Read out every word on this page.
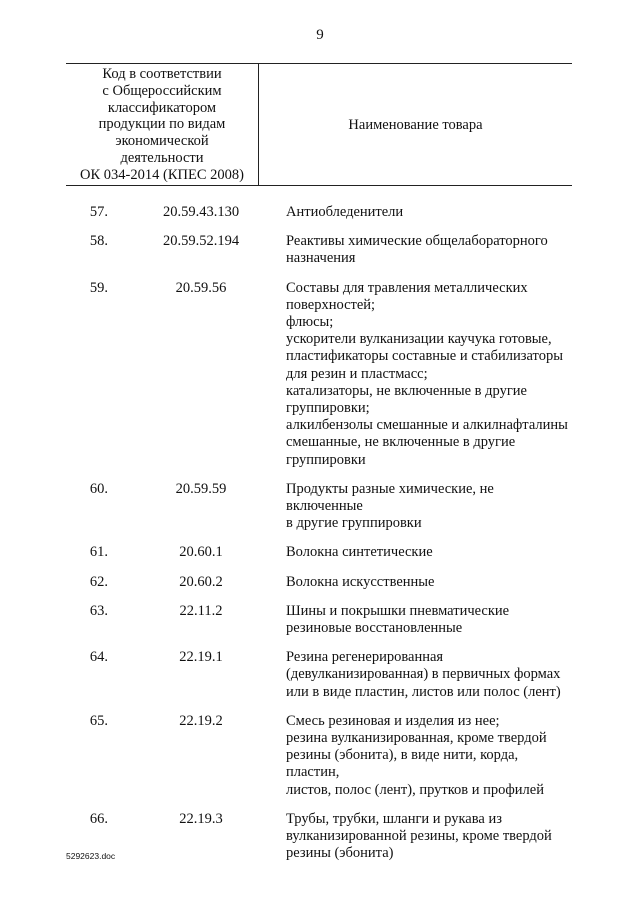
9
Код в соответствии
с Общероссийским
классификатором
продукции по видам
экономической
деятельности
ОК 034-2014 (КПЕС 2008)
Наименование товара
57.	20.59.43.130	Антиобледенители
58.	20.59.52.194	Реактивы химические общелабораторного
назначения
59.	20.59.56	Составы для травления металлических
поверхностей;
флюсы;
ускорители вулканизации каучука готовые,
пластификаторы составные и стабилизаторы
для резин и пластмасс;
катализаторы, не включенные в другие
группировки;
алкилбензолы смешанные и алкилнафталины
смешанные, не включенные в другие
группировки
60.	20.59.59	Продукты разные химические, не включенные
в другие группировки
61.	20.60.1	Волокна синтетические
62.	20.60.2	Волокна искусственные
63.	22.11.2	Шины и покрышки пневматические
резиновые восстановленные
64.	22.19.1	Резина регенерированная
(девулканизированная) в первичных формах
или в виде пластин, листов или полос (лент)
65.	22.19.2	Смесь резиновая и изделия из нее;
резина вулканизированная, кроме твердой
резины (эбонита), в виде нити, корда, пластин,
листов, полос (лент), прутков и профилей
66.	22.19.3	Трубы, трубки, шланги и рукава из
вулканизированной резины, кроме твердой
резины (эбонита)
5292623.doc
